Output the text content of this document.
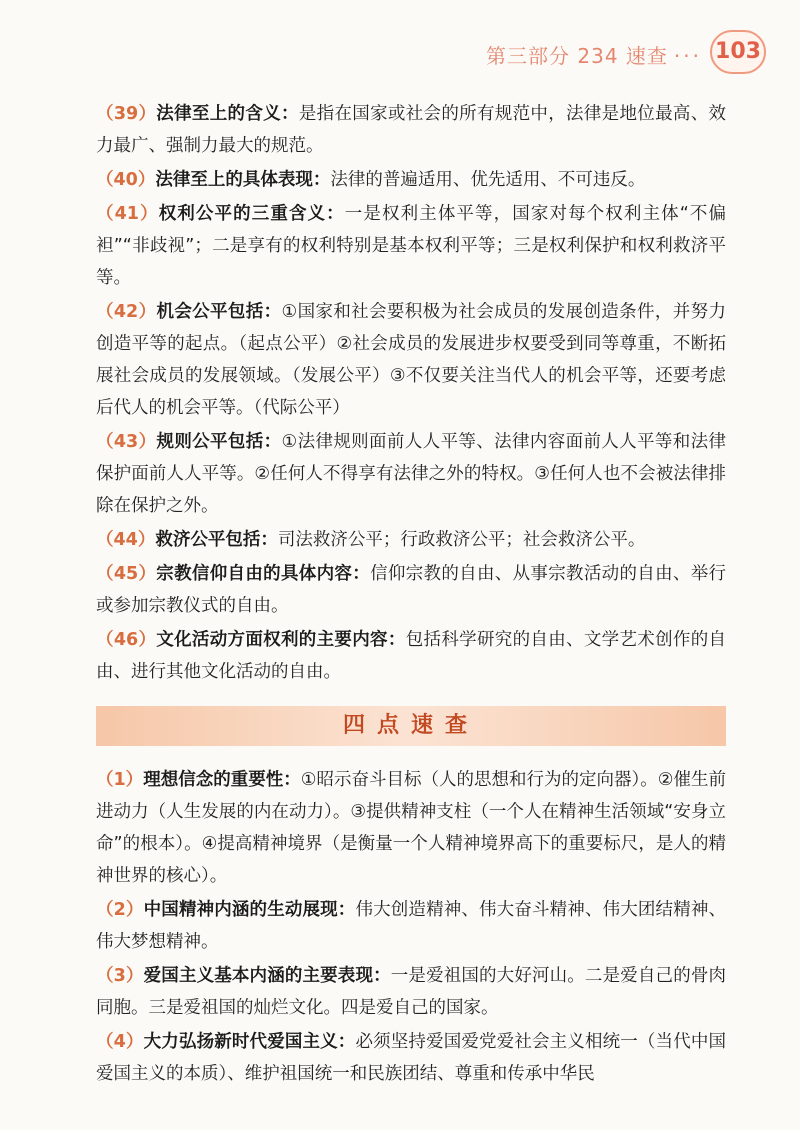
第三部分 234 速查 ··· 103
（39）法律至上的含义：是指在国家或社会的所有规范中，法律是地位最高、效力最广、强制力最大的规范。
（40）法律至上的具体表现：法律的普遍适用、优先适用、不可违反。
（41）权利公平的三重含义：一是权利主体平等，国家对每个权利主体“不偏袒”“非歧视”；二是享有的权利特别是基本权利平等；三是权利保护和权利救济平等。
（42）机会公平包括：①国家和社会要积极为社会成员的发展创造条件，并努力创造平等的起点。（起点公平）②社会成员的发展进步权要受到同等尊重，不断拓展社会成员的发展领域。（发展公平）③不仅要关注当代人的机会平等，还要考虑后代人的机会平等。（代际公平）
（43）规则公平包括：①法律规则面前人人平等、法律内容面前人人平等和法律保护面前人人平等。②任何人不得享有法律之外的特权。③任何人也不会被法律排除在保护之外。
（44）救济公平包括：司法救济公平；行政救济公平；社会救济公平。
（45）宗教信仰自由的具体内容：信仰宗教的自由、从事宗教活动的自由、举行或参加宗教仪式的自由。
（46）文化活动方面权利的主要内容：包括科学研究的自由、文学艺术创作的自由、进行其他文化活动的自由。
四点速查
（1）理想信念的重要性：①昭示奋斗目标（人的思想和行为的定向器）。②催生前进动力（人生发展的内在动力）。③提供精神支柱（一个人在精神生活领域“安身立命”的根本）。④提高精神境界（是衡量一个人精神境界高下的重要标尺，是人的精神世界的核心）。
（2）中国精神内涵的生动展现：伟大创造精神、伟大奋斗精神、伟大团结精神、伟大梦想精神。
（3）爱国主义基本内涵的主要表现：一是爱祖国的大好河山。二是爱自己的骨肉同胞。三是爱祖国的灿烂文化。四是爱自己的国家。
（4）大力弘扬新时代爱国主义：必须坚持爱国爱党爱社会主义相统一（当代中国爱国主义的本质）、维护祖国统一和民族团结、尊重和传承中华民
